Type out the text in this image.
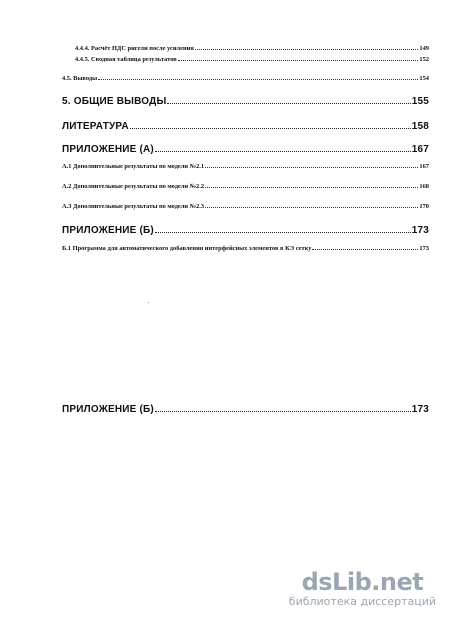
4.4.4. Расчёт НДС ригели после усиления	149
4.4.5. Сводная таблица результатов	152
4.5. Выводы	154
5. ОБЩИЕ ВЫВОДЫ	155
ЛИТЕРАТУРА	158
ПРИЛОЖЕНИЕ (А)	167
А.1 Дополнительные результаты по модели №2.1	167
А.2 Дополнительные результаты по модели №2.2	168
А.3 Дополнительные результаты по модели №2.3	170
ПРИЛОЖЕНИЕ (Б)	173
Б.1 Программа для автоматического добавления интерфейсных элементов в КЭ сетку	173
ПРИЛОЖЕНИЕ (Б)	173
dsLib.net
библиотека диссертаций
